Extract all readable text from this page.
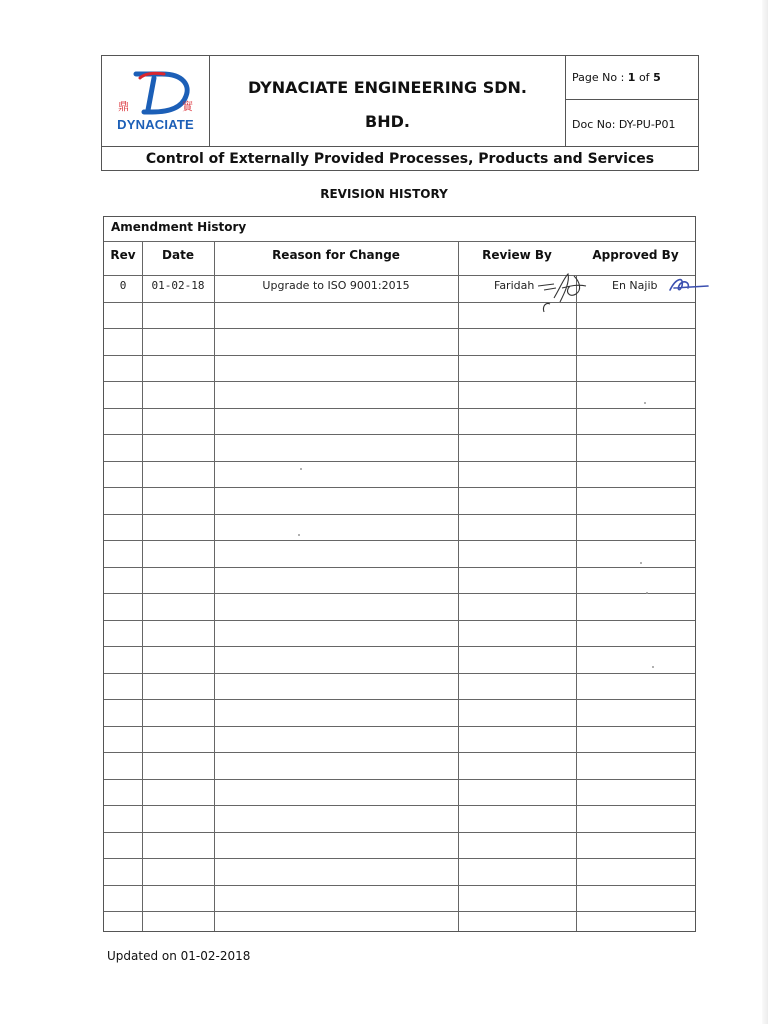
鼎	實
DYNACIATE
DYNACIATE ENGINEERING SDN.
BHD.
Page No : 1 of 5
Doc No: DY-PU-P01
Control of Externally Provided Processes, Products and Services
REVISION HISTORY
Amendment History
Rev	Date	Reason for Change	Review By	Approved By
0	01-02-18	Upgrade to ISO 9001:2015	Faridah	En Najib
Updated on 01-02-2018
